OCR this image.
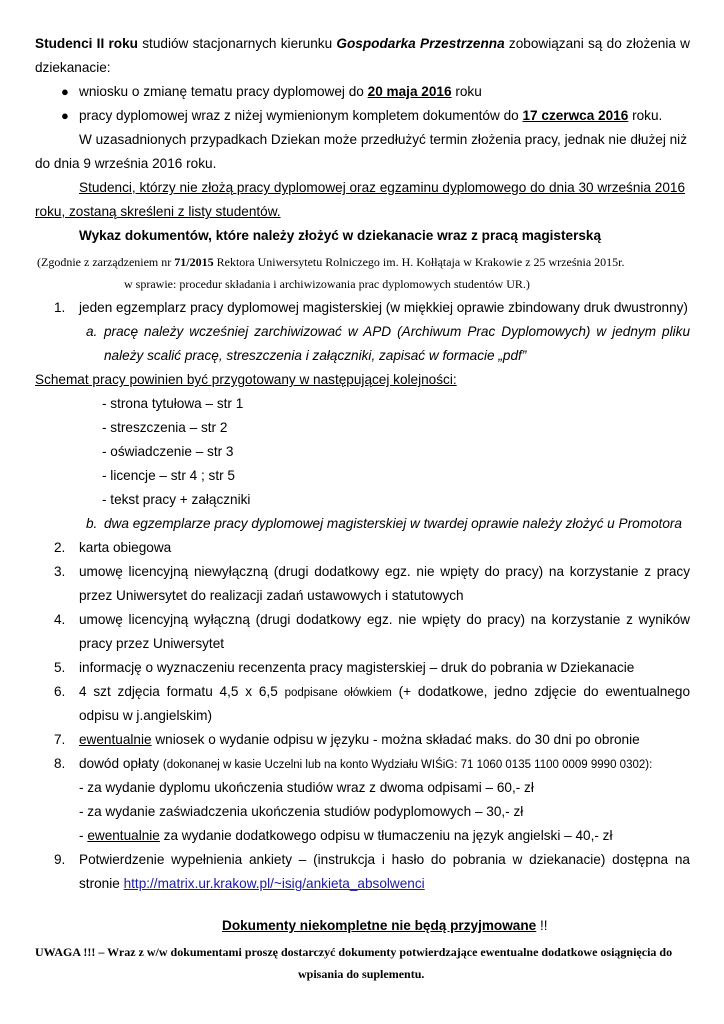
Studenci II roku studiów stacjonarnych kierunku Gospodarka Przestrzenna zobowiązani są do złożenia w
dziekanacie:
● wniosku o zmianę tematu pracy dyplomowej do 20 maja 2016 roku
● pracy dyplomowej wraz z niżej wymienionym kompletem dokumentów do 17 czerwca 2016 roku.
W uzasadnionych przypadkach Dziekan może przedłużyć termin złożenia pracy, jednak nie dłużej niż
do dnia 9 września 2016 roku.
Studenci, którzy nie złożą pracy dyplomowej oraz egzaminu dyplomowego do dnia 30 września 2016
roku, zostaną skreśleni z listy studentów.
Wykaz dokumentów, które należy złożyć w dziekanacie wraz z pracą magisterską
(Zgodnie z zarządzeniem nr 71/2015 Rektora Uniwersytetu Rolniczego im. H. Kołłątaja w Krakowie z 25 września 2015r.
w sprawie: procedur składania i archiwizowania prac dyplomowych studentów UR.)
1. jeden egzemplarz pracy dyplomowej magisterskiej (w miękkiej oprawie zbindowany druk dwustronny)
a. pracę należy wcześniej zarchiwizować w APD (Archiwum Prac Dyplomowych) w jednym pliku
należy scalić pracę, streszczenia i załączniki, zapisać w formacie „pdf”
Schemat pracy powinien być przygotowany w następującej kolejności:
- strona tytułowa – str 1
- streszczenia – str 2
- oświadczenie – str 3
- licencje – str 4 ; str 5
- tekst pracy + załączniki
b. dwa egzemplarze pracy dyplomowej magisterskiej w twardej oprawie należy złożyć u Promotora
2. karta obiegowa
3. umowę licencyjną niewyłączną (drugi dodatkowy egz. nie wpięty do pracy) na korzystanie z pracy
przez Uniwersytet do realizacji zadań ustawowych i statutowych
4. umowę licencyjną wyłączną (drugi dodatkowy egz. nie wpięty do pracy) na korzystanie z wyników
pracy przez Uniwersytet
5. informację o wyznaczeniu recenzenta pracy magisterskiej – druk do pobrania w Dziekanacie
6. 4 szt zdjęcia formatu 4,5 x 6,5 podpisane ołówkiem (+ dodatkowe, jedno zdjęcie do ewentualnego
odpisu w j.angielskim)
7. ewentualnie wniosek o wydanie odpisu w języku - można składać maks. do 30 dni po obronie
8. dowód opłaty (dokonanej w kasie Uczelni lub na konto Wydziału WIŚiG: 71 1060 0135 1100 0009 9990 0302):
- za wydanie dyplomu ukończenia studiów wraz z dwoma odpisami – 60,- zł
- za wydanie zaświadczenia ukończenia studiów podyplomowych – 30,- zł
- ewentualnie za wydanie dodatkowego odpisu w tłumaczeniu na język angielski – 40,- zł
9. Potwierdzenie wypełnienia ankiety – (instrukcja i hasło do pobrania w dziekanacie) dostępna na
stronie http://matrix.ur.krakow.pl/~isig/ankieta_absolwenci
Dokumenty niekompletne nie będą przyjmowane !!
UWAGA !!! – Wraz z w/w dokumentami proszę dostarczyć dokumenty potwierdzające ewentualne dodatkowe osiągnięcia do
wpisania do suplementu.
